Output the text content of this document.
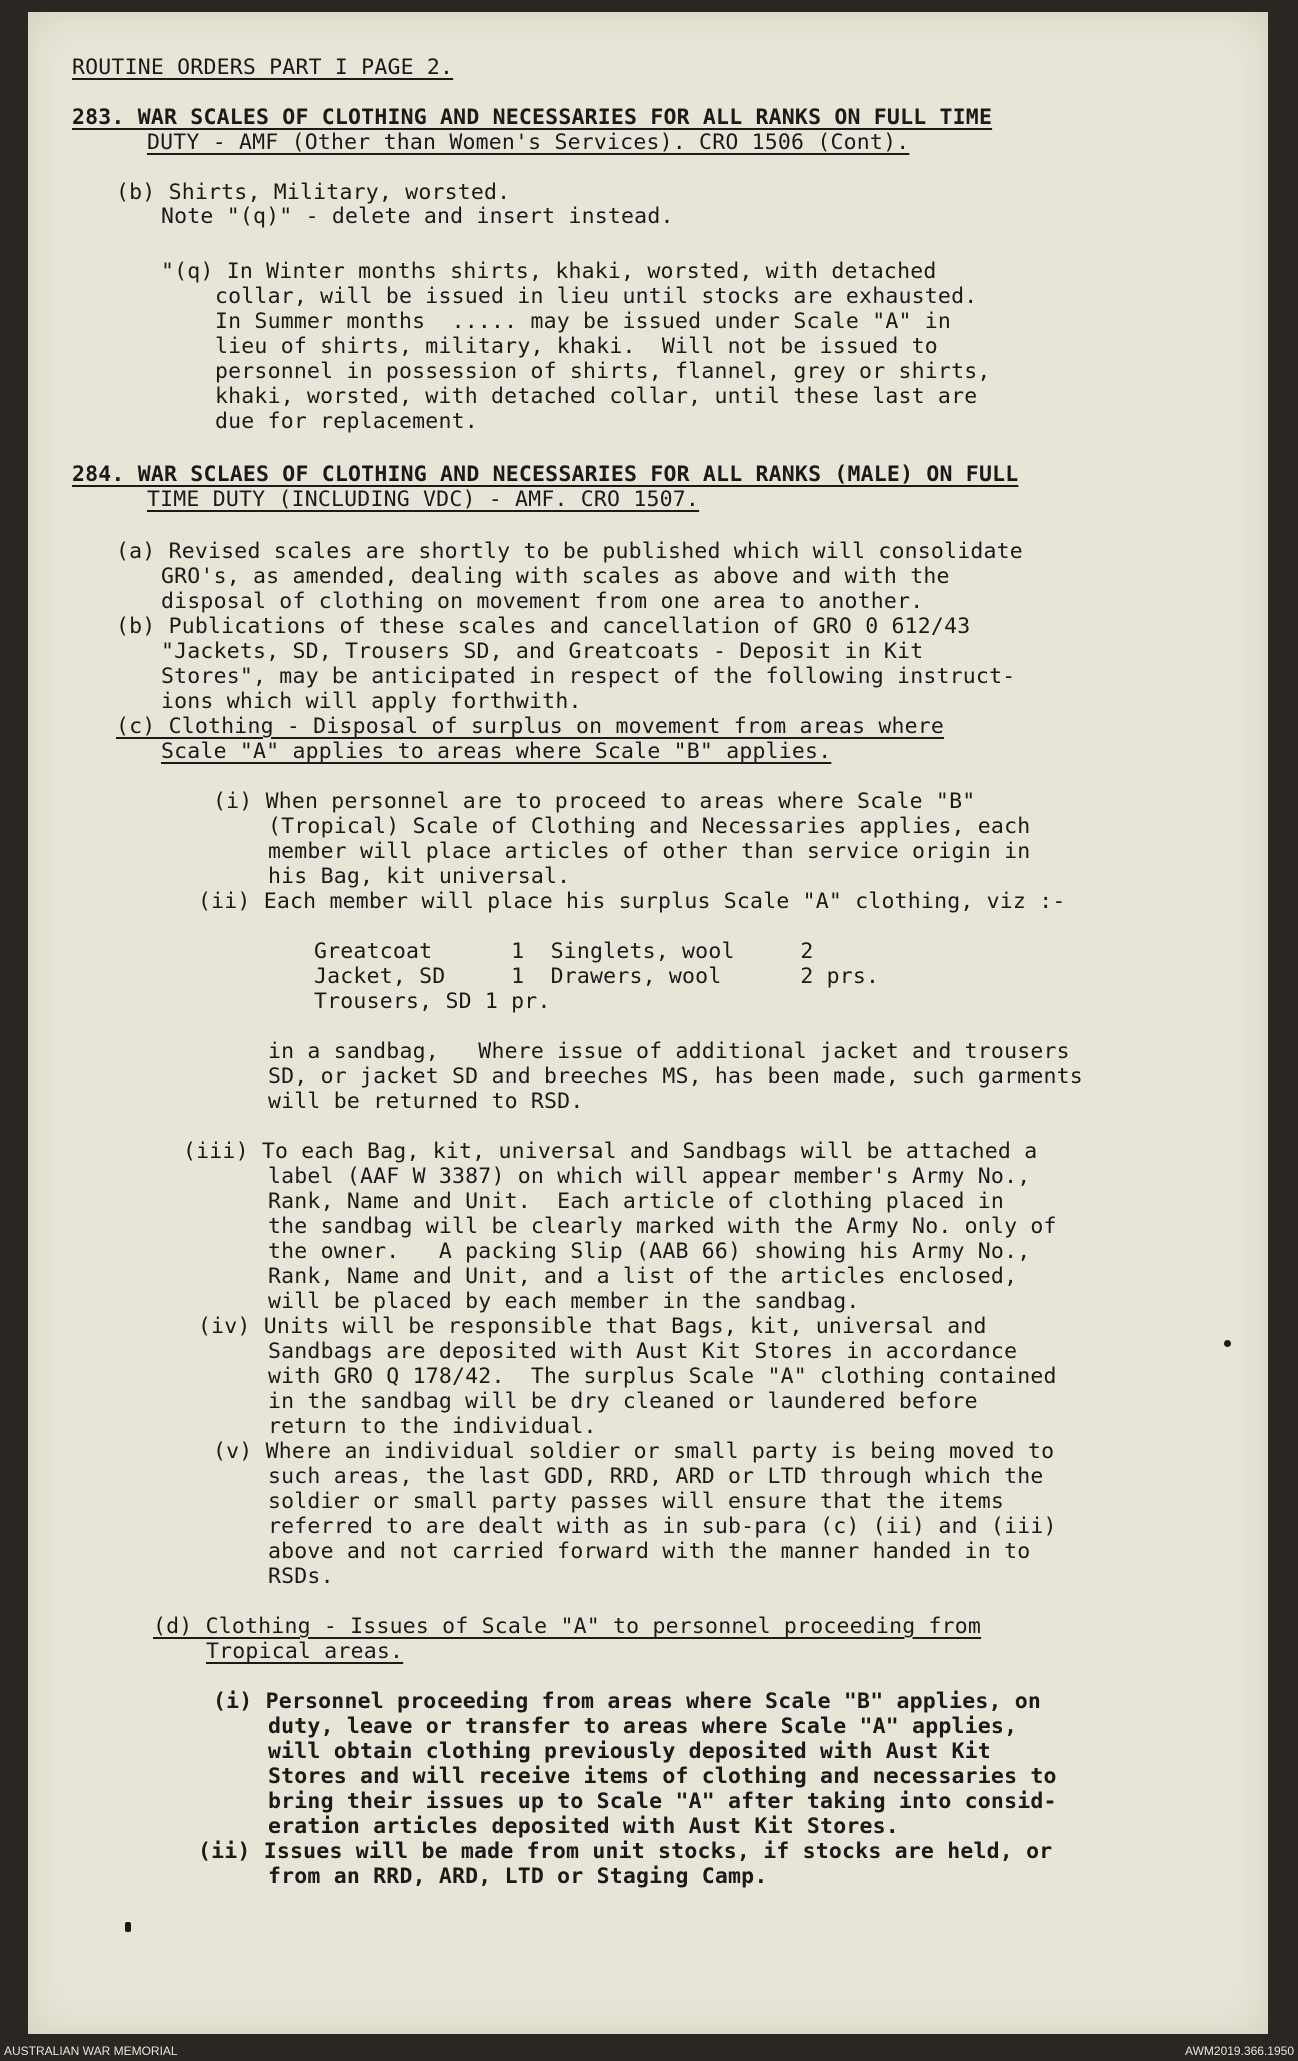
ROUTINE ORDERS PART I PAGE 2.
283. WAR SCALES OF CLOTHING AND NECESSARIES FOR ALL RANKS ON FULL TIME
DUTY - AMF (Other than Women's Services). CRO 1506 (Cont).
(b) Shirts, Military, worsted.
Note "(q)" - delete and insert instead.
"(q) In Winter months shirts, khaki, worsted, with detached
collar, will be issued in lieu until stocks are exhausted.
In Summer months  ..... may be issued under Scale "A" in
lieu of shirts, military, khaki.  Will not be issued to
personnel in possession of shirts, flannel, grey or shirts,
khaki, worsted, with detached collar, until these last are
due for replacement.
284. WAR SCLAES OF CLOTHING AND NECESSARIES FOR ALL RANKS (MALE) ON FULL
TIME DUTY (INCLUDING VDC) - AMF. CRO 1507.
(a) Revised scales are shortly to be published which will consolidate
GRO's, as amended, dealing with scales as above and with the
disposal of clothing on movement from one area to another.
(b) Publications of these scales and cancellation of GRO 0 612/43
"Jackets, SD, Trousers SD, and Greatcoats - Deposit in Kit
Stores", may be anticipated in respect of the following instruct-
ions which will apply forthwith.
(c) Clothing - Disposal of surplus on movement from areas where
Scale "A" applies to areas where Scale "B" applies.
(i) When personnel are to proceed to areas where Scale "B"
(Tropical) Scale of Clothing and Necessaries applies, each
member will place articles of other than service origin in
his Bag, kit universal.
(ii) Each member will place his surplus Scale "A" clothing, viz :-
Greatcoat      1  Singlets, wool     2
Jacket, SD     1  Drawers, wool      2 prs.
Trousers, SD 1 pr.
in a sandbag,   Where issue of additional jacket and trousers
SD, or jacket SD and breeches MS, has been made, such garments
will be returned to RSD.
(iii) To each Bag, kit, universal and Sandbags will be attached a
label (AAF W 3387) on which will appear member's Army No.,
Rank, Name and Unit.  Each article of clothing placed in
the sandbag will be clearly marked with the Army No. only of
the owner.   A packing Slip (AAB 66) showing his Army No.,
Rank, Name and Unit, and a list of the articles enclosed,
will be placed by each member in the sandbag.
(iv) Units will be responsible that Bags, kit, universal and
Sandbags are deposited with Aust Kit Stores in accordance
with GRO Q 178/42.  The surplus Scale "A" clothing contained
in the sandbag will be dry cleaned or laundered before
return to the individual.
(v) Where an individual soldier or small party is being moved to
such areas, the last GDD, RRD, ARD or LTD through which the
soldier or small party passes will ensure that the items
referred to are dealt with as in sub-para (c) (ii) and (iii)
above and not carried forward with the manner handed in to
RSDs.
(d) Clothing - Issues of Scale "A" to personnel proceeding from
Tropical areas.
(i) Personnel proceeding from areas where Scale "B" applies, on
duty, leave or transfer to areas where Scale "A" applies,
will obtain clothing previously deposited with Aust Kit
Stores and will receive items of clothing and necessaries to
bring their issues up to Scale "A" after taking into consid-
eration articles deposited with Aust Kit Stores.
(ii) Issues will be made from unit stocks, if stocks are held, or
from an RRD, ARD, LTD or Staging Camp.
AUSTRALIAN WAR MEMORIAL	AWM2019.366.1950
